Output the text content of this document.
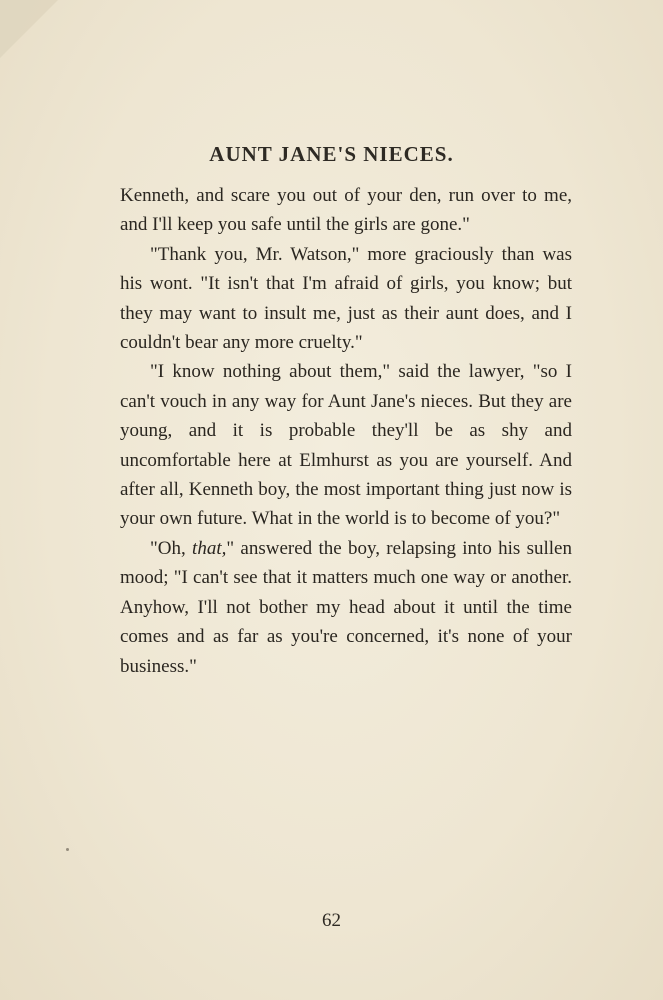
AUNT JANE'S NIECES.

Kenneth, and scare you out of your den, run over to me, and I'll keep you safe until the girls are gone."

"Thank you, Mr. Watson," more graciously than was his wont. "It isn't that I'm afraid of girls, you know; but they may want to insult me, just as their aunt does, and I couldn't bear any more cruelty."

"I know nothing about them," said the lawyer, "so I can't vouch in any way for Aunt Jane's nieces. But they are young, and it is probable they'll be as shy and uncomfortable here at Elmhurst as you are yourself. And after all, Kenneth boy, the most important thing just now is your own future. What in the world is to become of you?"

"Oh, that," answered the boy, relapsing into his sullen mood; "I can't see that it matters much one way or another. Anyhow, I'll not bother my head about it until the time comes and as far as you're concerned, it's none of your business."

62
